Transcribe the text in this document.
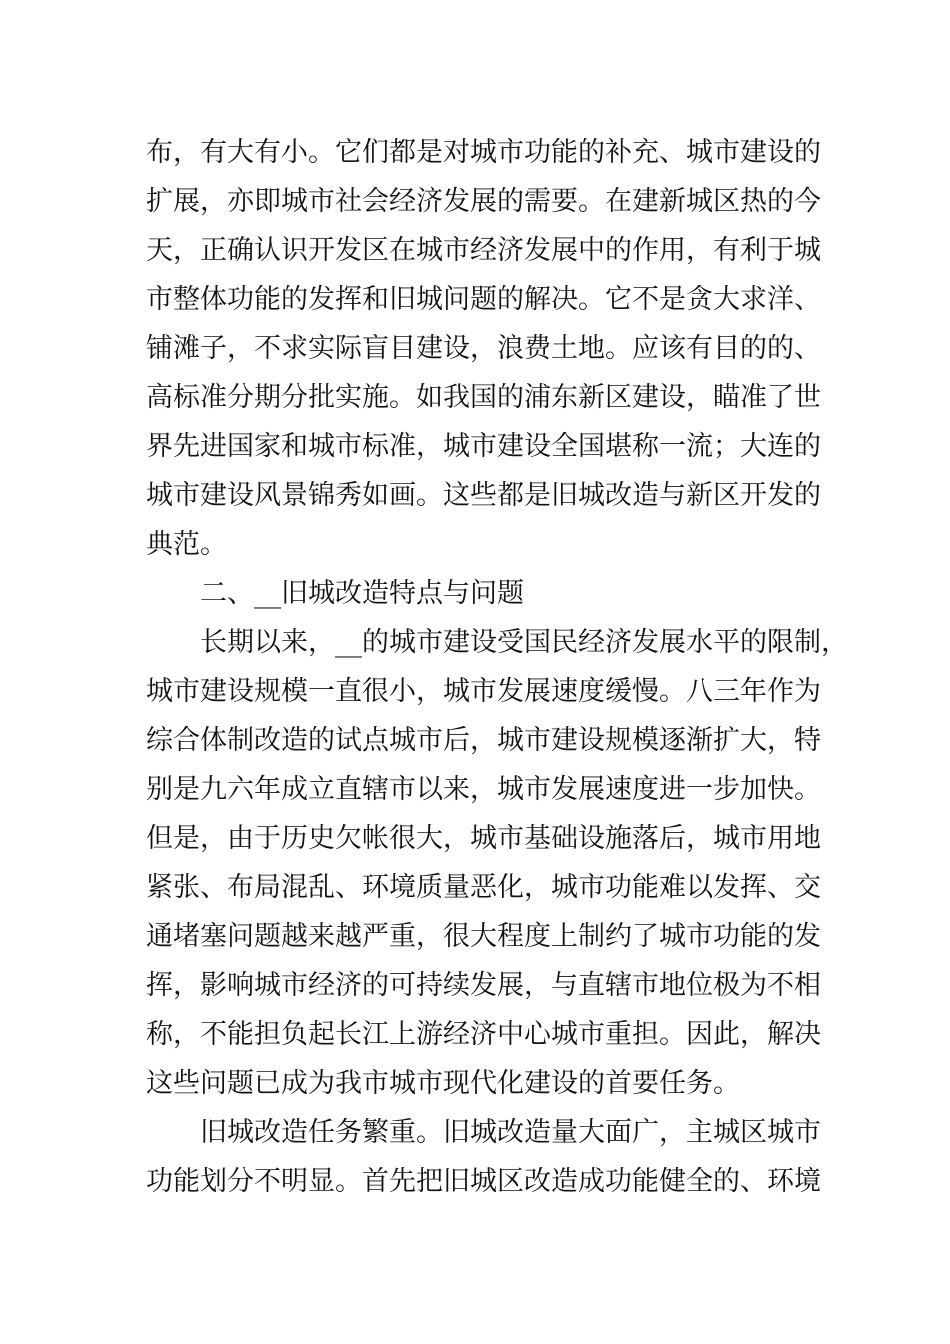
布，有大有小。它们都是对城市功能的补充、城市建设的
扩展，亦即城市社会经济发展的需要。在建新城区热的今
天，正确认识开发区在城市经济发展中的作用，有利于城
市整体功能的发挥和旧城问题的解决。它不是贪大求洋、
铺滩子，不求实际盲目建设，浪费土地。应该有目的的、
高标准分期分批实施。如我国的浦东新区建设，瞄准了世
界先进国家和城市标准，城市建设全国堪称一流；大连的
城市建设风景锦秀如画。这些都是旧城改造与新区开发的
典范。
二、__旧城改造特点与问题
长期以来，__的城市建设受国民经济发展水平的限制，
城市建设规模一直很小，城市发展速度缓慢。八三年作为
综合体制改造的试点城市后，城市建设规模逐渐扩大，特
别是九六年成立直辖市以来，城市发展速度进一步加快。
但是，由于历史欠帐很大，城市基础设施落后，城市用地
紧张、布局混乱、环境质量恶化，城市功能难以发挥、交
通堵塞问题越来越严重，很大程度上制约了城市功能的发
挥，影响城市经济的可持续发展，与直辖市地位极为不相
称，不能担负起长江上游经济中心城市重担。因此，解决
这些问题已成为我市城市现代化建设的首要任务。
旧城改造任务繁重。旧城改造量大面广，主城区城市
功能划分不明显。首先把旧城区改造成功能健全的、环境
